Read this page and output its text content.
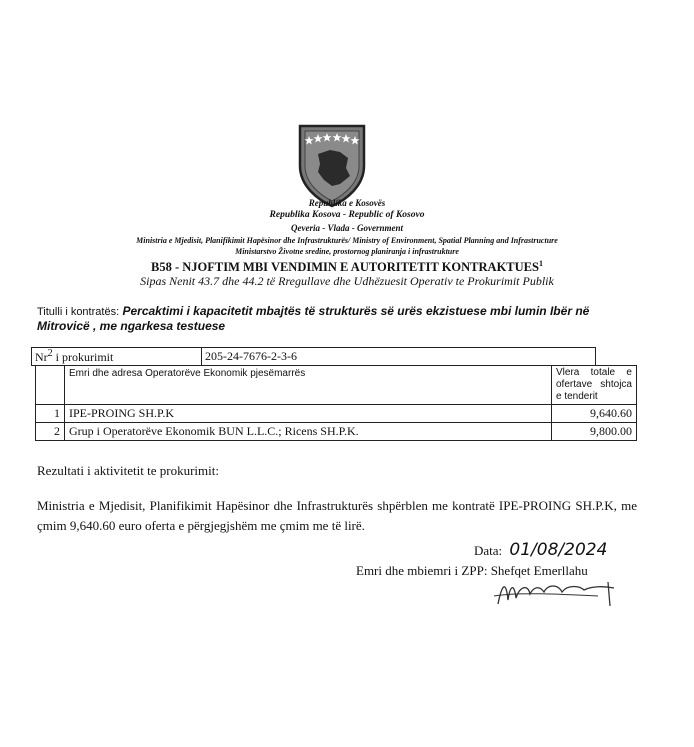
Republika e Kosovës
Republika Kosova - Republic of Kosovo
Qeveria - Vlada - Government
Ministria e Mjedisit, Planifikimit Hapësinor dhe Infrastrukturës/ Ministry of Environment, Spatial Planning and Infrastructure
Ministarstvo Životne sredine, prostornog planiranja i infrastrukture
B58 - NJOFTIM MBI VENDIMIN E AUTORITETIT KONTRAKTUES$^1$
Sipas Nenit 43.7 dhe 44.2 të Rregullave dhe Udhëzuesit Operativ te Prokurimit Publik
Titulli i kontratës: Percaktimi i kapacitetit mbajtës të strukturës së urës ekzistuese mbi lumin Ibër në Mitrovicë , me ngarkesa testuese
Nr$^2$ i prokurimit	205-24-7676-2-3-6
	Emri dhe adresa Operatorëve Ekonomik pjesëmarrës	Vlera totale e ofertave shtojca e tenderit
1	IPE-PROING SH.P.K	9,640.60
2	Grup i Operatorëve Ekonomik BUN L.L.C.; Ricens SH.P.K.	9,800.00
Rezultati i aktivitetit te prokurimit:
Ministria e Mjedisit, Planifikimit Hapësinor dhe Infrastrukturës shpërblen me kontratë IPE-PROING SH.P.K, me çmim 9,640.60 euro oferta e përgjegjshëm me çmim me të lirë.
Data: 01/08/2024
Emri dhe mbiemri i ZPP: Shefqet Emerllahu
